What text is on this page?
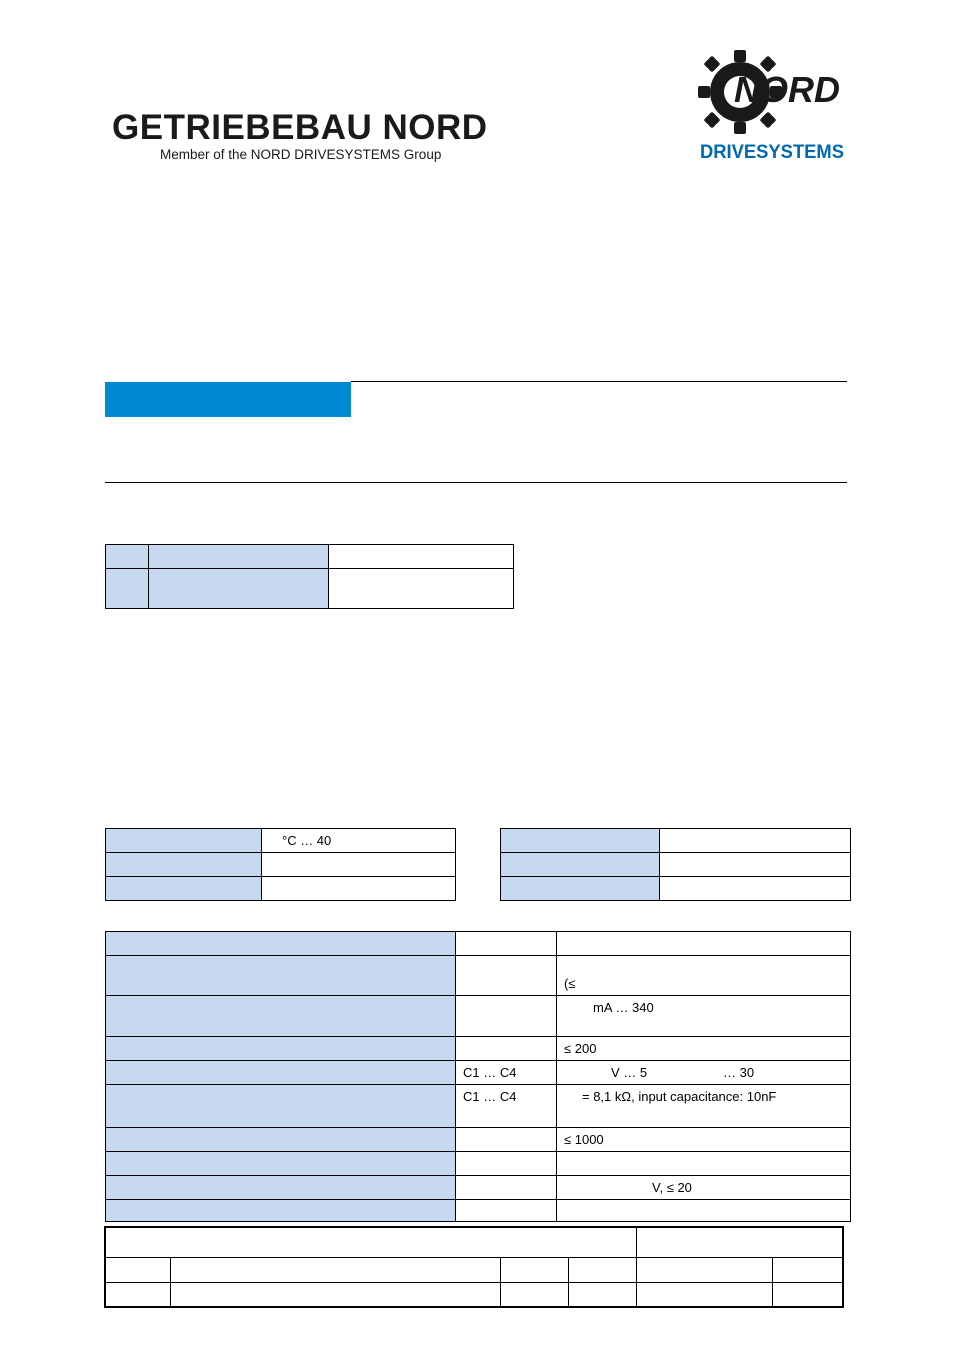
GETRIEBEBAU NORD
Member of the NORD DRIVESYSTEMS Group
NORD
DRIVESYSTEMS

	°C … 40

		(≤
		mA … 340
		≤ 200
	C1 … C4	V … 5                     … 30
	C1 … C4	= 8,1 kΩ, input capacitance: 10nF
		≤ 1000

		V, ≤ 20
